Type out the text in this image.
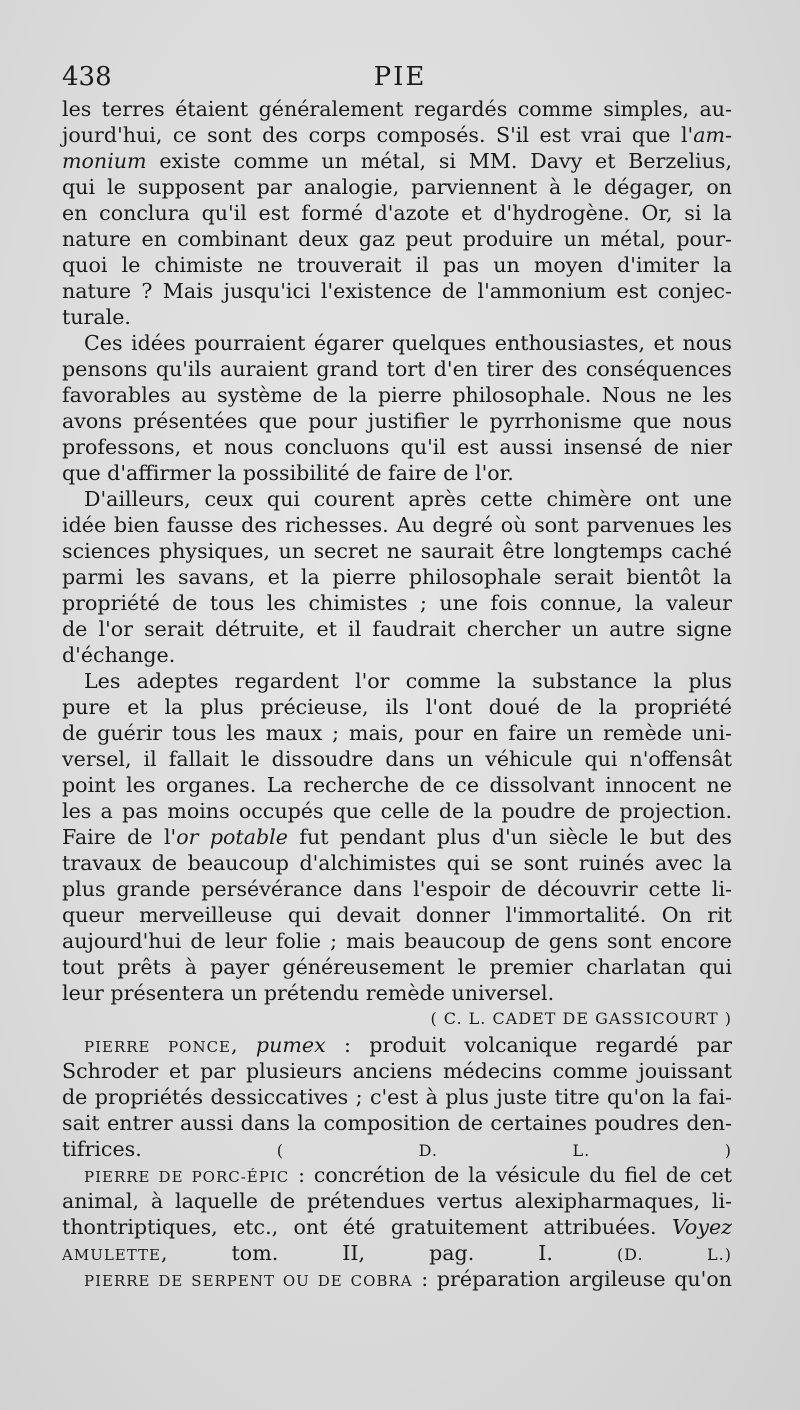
438	PIE
les terres étaient généralement regardés comme simples, au-
jourd'hui, ce sont des corps composés. S'il est vrai que l'am-
monium existe comme un métal, si MM. Davy et Berzelius,
qui le supposent par analogie, parviennent à le dégager, on
en conclura qu'il est formé d'azote et d'hydrogène. Or, si la
nature en combinant deux gaz peut produire un métal, pour-
quoi le chimiste ne trouverait il pas un moyen d'imiter la
nature ? Mais jusqu'ici l'existence de l'ammonium est conjec-
turale.
Ces idées pourraient égarer quelques enthousiastes, et nous
pensons qu'ils auraient grand tort d'en tirer des conséquences
favorables au système de la pierre philosophale. Nous ne les
avons présentées que pour justifier le pyrrhonisme que nous
professons, et nous concluons qu'il est aussi insensé de nier
que d'affirmer la possibilité de faire de l'or.
D'ailleurs, ceux qui courent après cette chimère ont une
idée bien fausse des richesses. Au degré où sont parvenues les
sciences physiques, un secret ne saurait être longtemps caché
parmi les savans, et la pierre philosophale serait bientôt la
propriété de tous les chimistes ; une fois connue, la valeur
de l'or serait détruite, et il faudrait chercher un autre signe
d'échange.
Les adeptes regardent l'or comme la substance la plus
pure et la plus précieuse, ils l'ont doué de la propriété
de guérir tous les maux ; mais, pour en faire un remède uni-
versel, il fallait le dissoudre dans un véhicule qui n'offensât
point les organes. La recherche de ce dissolvant innocent ne
les a pas moins occupés que celle de la poudre de projection.
Faire de l'or potable fut pendant plus d'un siècle le but des
travaux de beaucoup d'alchimistes qui se sont ruinés avec la
plus grande persévérance dans l'espoir de découvrir cette li-
queur merveilleuse qui devait donner l'immortalité. On rit
aujourd'hui de leur folie ; mais beaucoup de gens sont encore
tout prêts à payer généreusement le premier charlatan qui
leur présentera un prétendu remède universel.
( C. L. CADET DE GASSICOURT )
PIERRE PONCE, pumex : produit volcanique regardé par
Schroder et par plusieurs anciens médecins comme jouissant
de propriétés dessiccatives ; c'est à plus juste titre qu'on la fai-
sait entrer aussi dans la composition de certaines poudres den-
tifrices.	( D. L. )
PIERRE DE PORC-ÉPIC : concrétion de la vésicule du fiel de cet
animal, à laquelle de prétendues vertus alexipharmaques, li-
thontriptiques, etc., ont été gratuitement attribuées. Voyez
AMULETTE, tom. II, pag. I.	(D. L.)
PIERRE DE SERPENT OU DE COBRA : préparation argileuse qu'on
